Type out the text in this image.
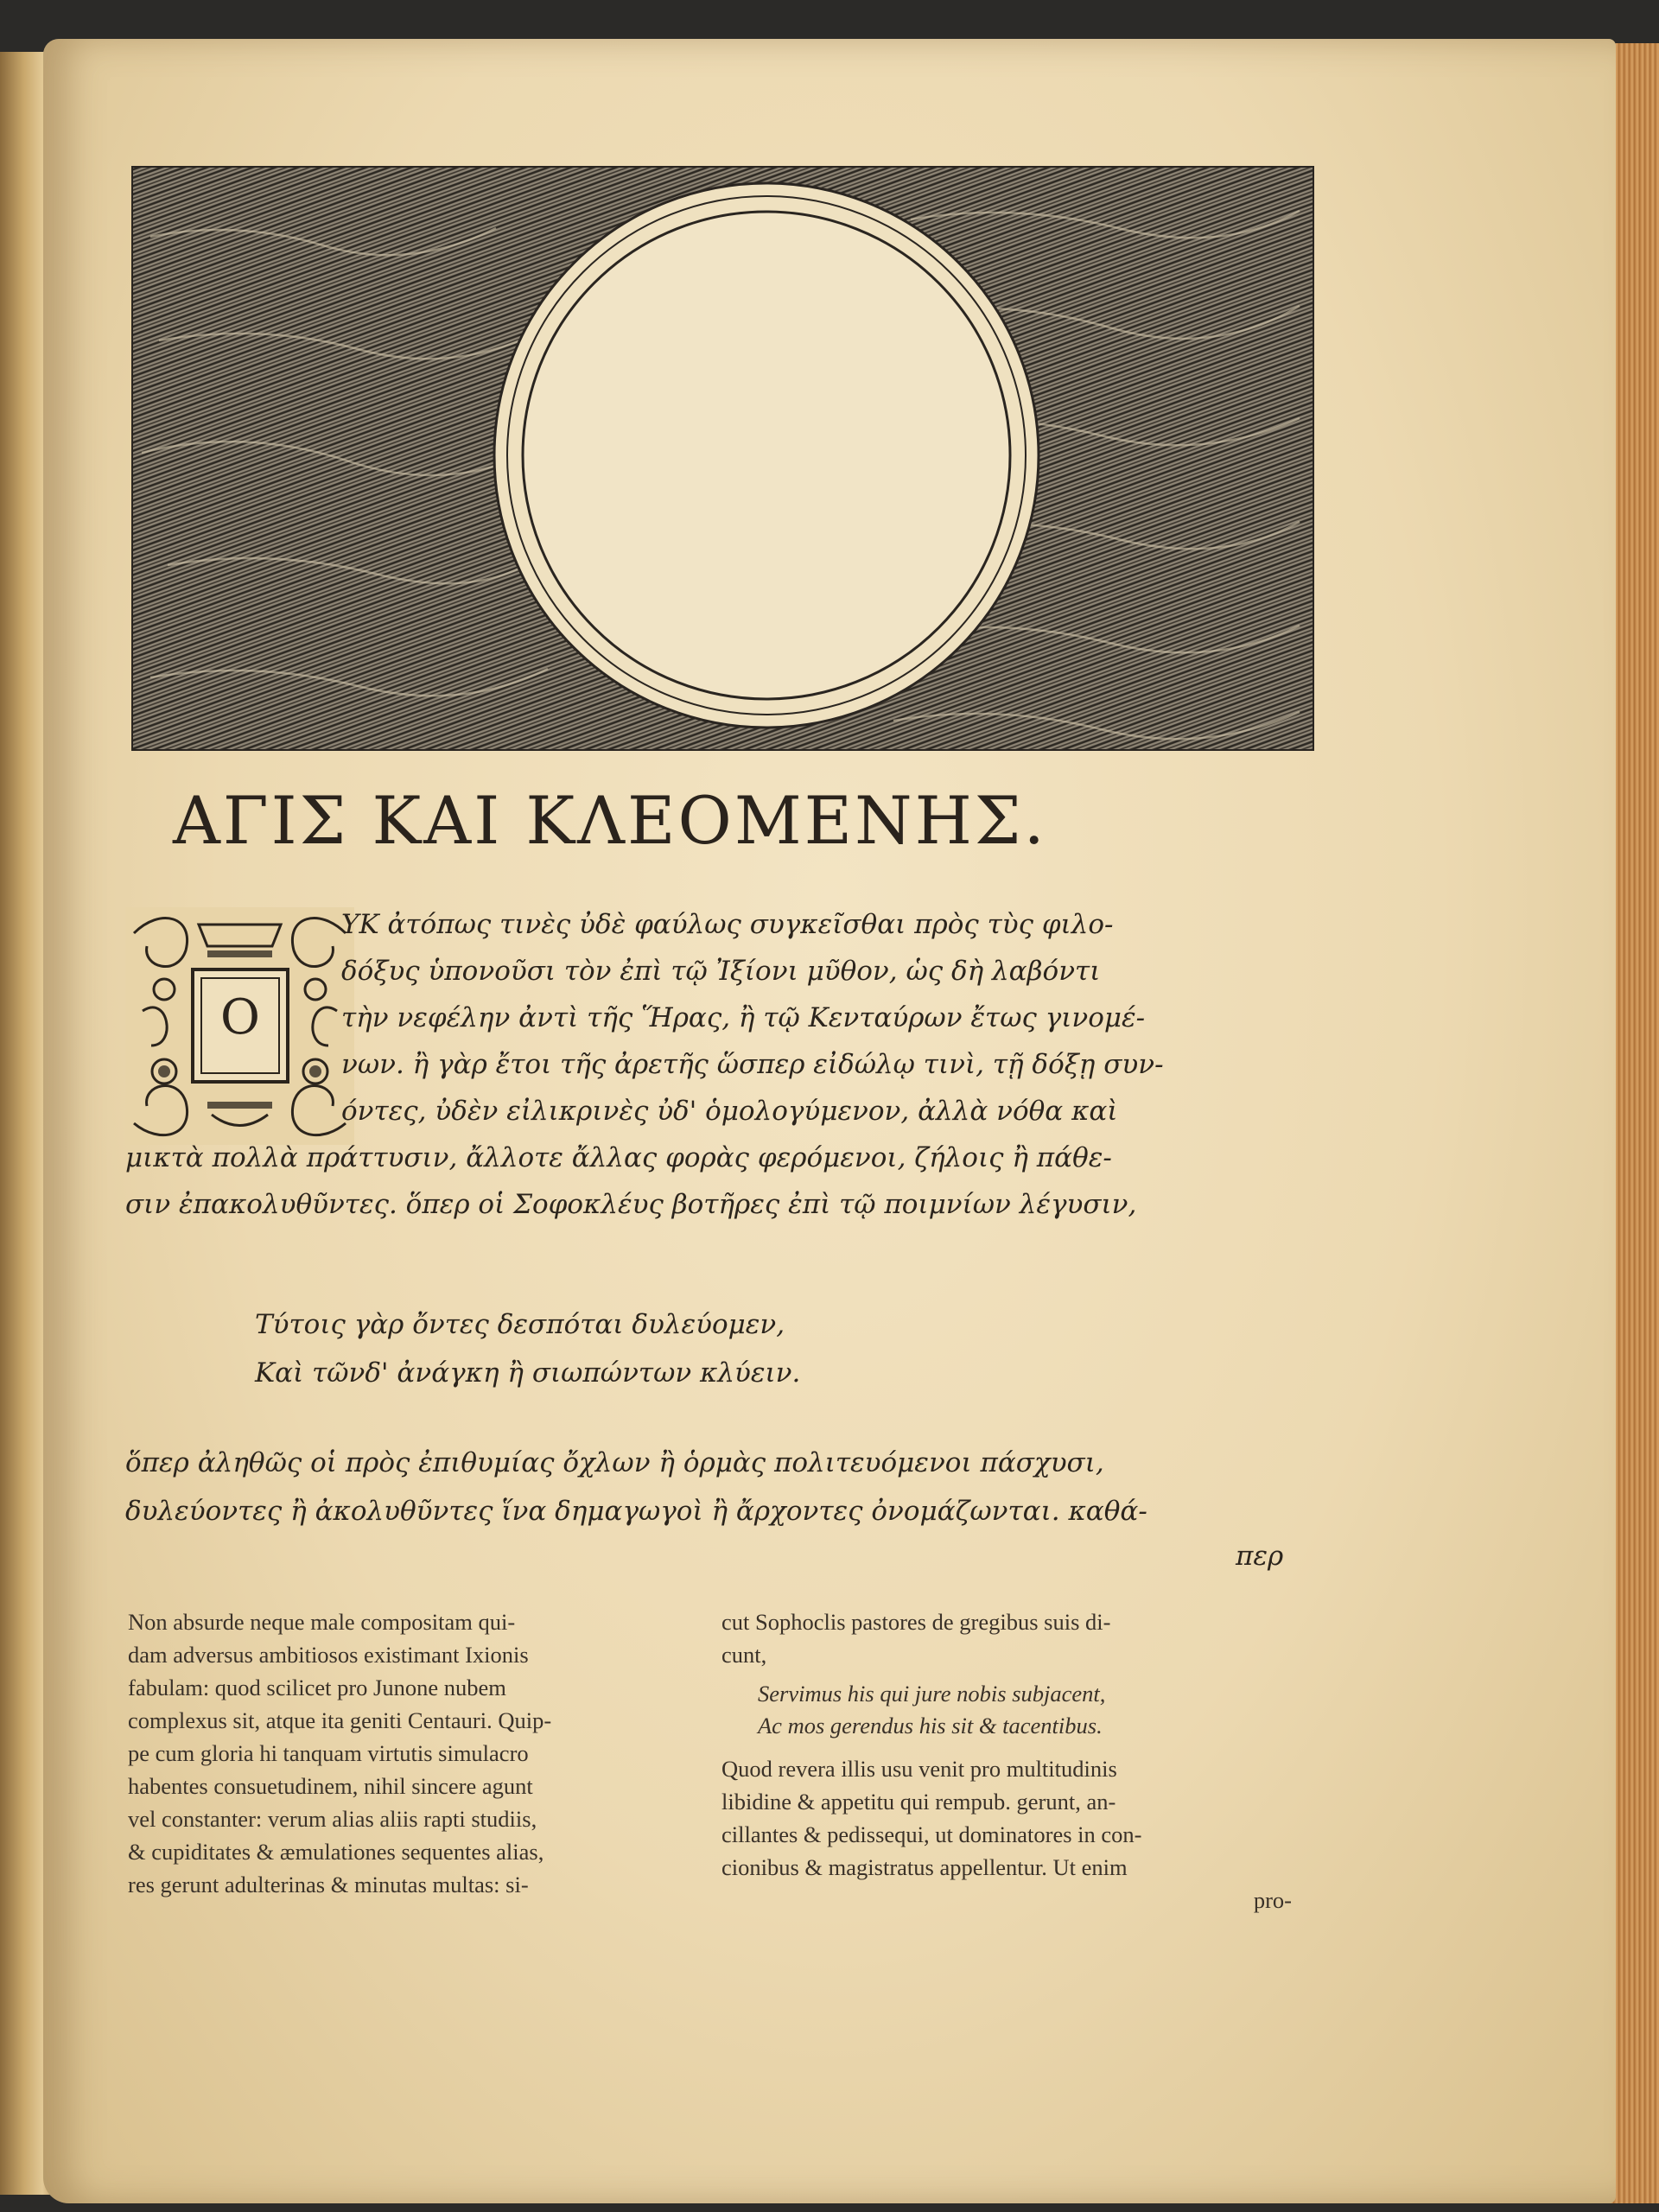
ΑΓΙΣ ΚΑΙ ΚΛΕΟΜΕΝΗΣ.
Ο
ΥΚ ἀτόπως τινὲς ὐδὲ φαύλως συγκεῖσθαι πρὸς τὺς φιλο-
δόξυς ὑπονοῦσι τὸν ἐπὶ τῷ Ἰξίονι μῦθον, ὡς δὴ λαβόντι
τὴν νεφέλην ἀντὶ τῆς Ἥρας, ἢ τῷ Κενταύρων ἔτως γινομέ-
νων. ἢ γὰρ ἔτοι τῆς ἀρετῆς ὥσπερ εἰδώλῳ τινὶ, τῇ δόξῃ συν-
όντες, ὐδὲν εἰλικρινὲς ὐδ' ὁμολογύμενον, ἀλλὰ νόθα καὶ
μικτὰ πολλὰ πράττυσιν, ἄλλοτε ἄλλας φορὰς φερόμενοι, ζήλοις ἢ πάθε-
σιν ἐπακολυθῦντες. ὅπερ οἱ Σοφοκλέυς βοτῆρες ἐπὶ τῷ ποιμνίων λέγυσιν,
Τύτοις γὰρ ὄντες δεσπόται δυλεύομεν,
Καὶ τῶνδ' ἀνάγκη ἢ σιωπώντων κλύειν.
ὅπερ ἀληθῶς οἱ πρὸς ἐπιθυμίας ὄχλων ἢ ὁρμὰς πολιτευόμενοι πάσχυσι,
δυλεύοντες ἢ ἀκολυθῦντες ἵνα δημαγωγοὶ ἢ ἄρχοντες ὀνομάζωνται. καθά-
περ
Non absurde neque male compositam qui-
dam adversus ambitiosos existimant Ixionis
fabulam: quod scilicet pro Junone nubem
complexus sit, atque ita geniti Centauri. Quip-
pe cum gloria hi tanquam virtutis simulacro
habentes consuetudinem, nihil sincere agunt
vel constanter: verum alias aliis rapti studiis,
& cupiditates & æmulationes sequentes alias,
res gerunt adulterinas & minutas multas: si-
cut Sophoclis pastores de gregibus suis di-
cunt,
Servimus his qui jure nobis subjacent,
Ac mos gerendus his sit & tacentibus.
Quod revera illis usu venit pro multitudinis
libidine & appetitu qui rempub. gerunt, an-
cillantes & pedissequi, ut dominatores in con-
cionibus & magistratus appellentur. Ut enim
pro-
